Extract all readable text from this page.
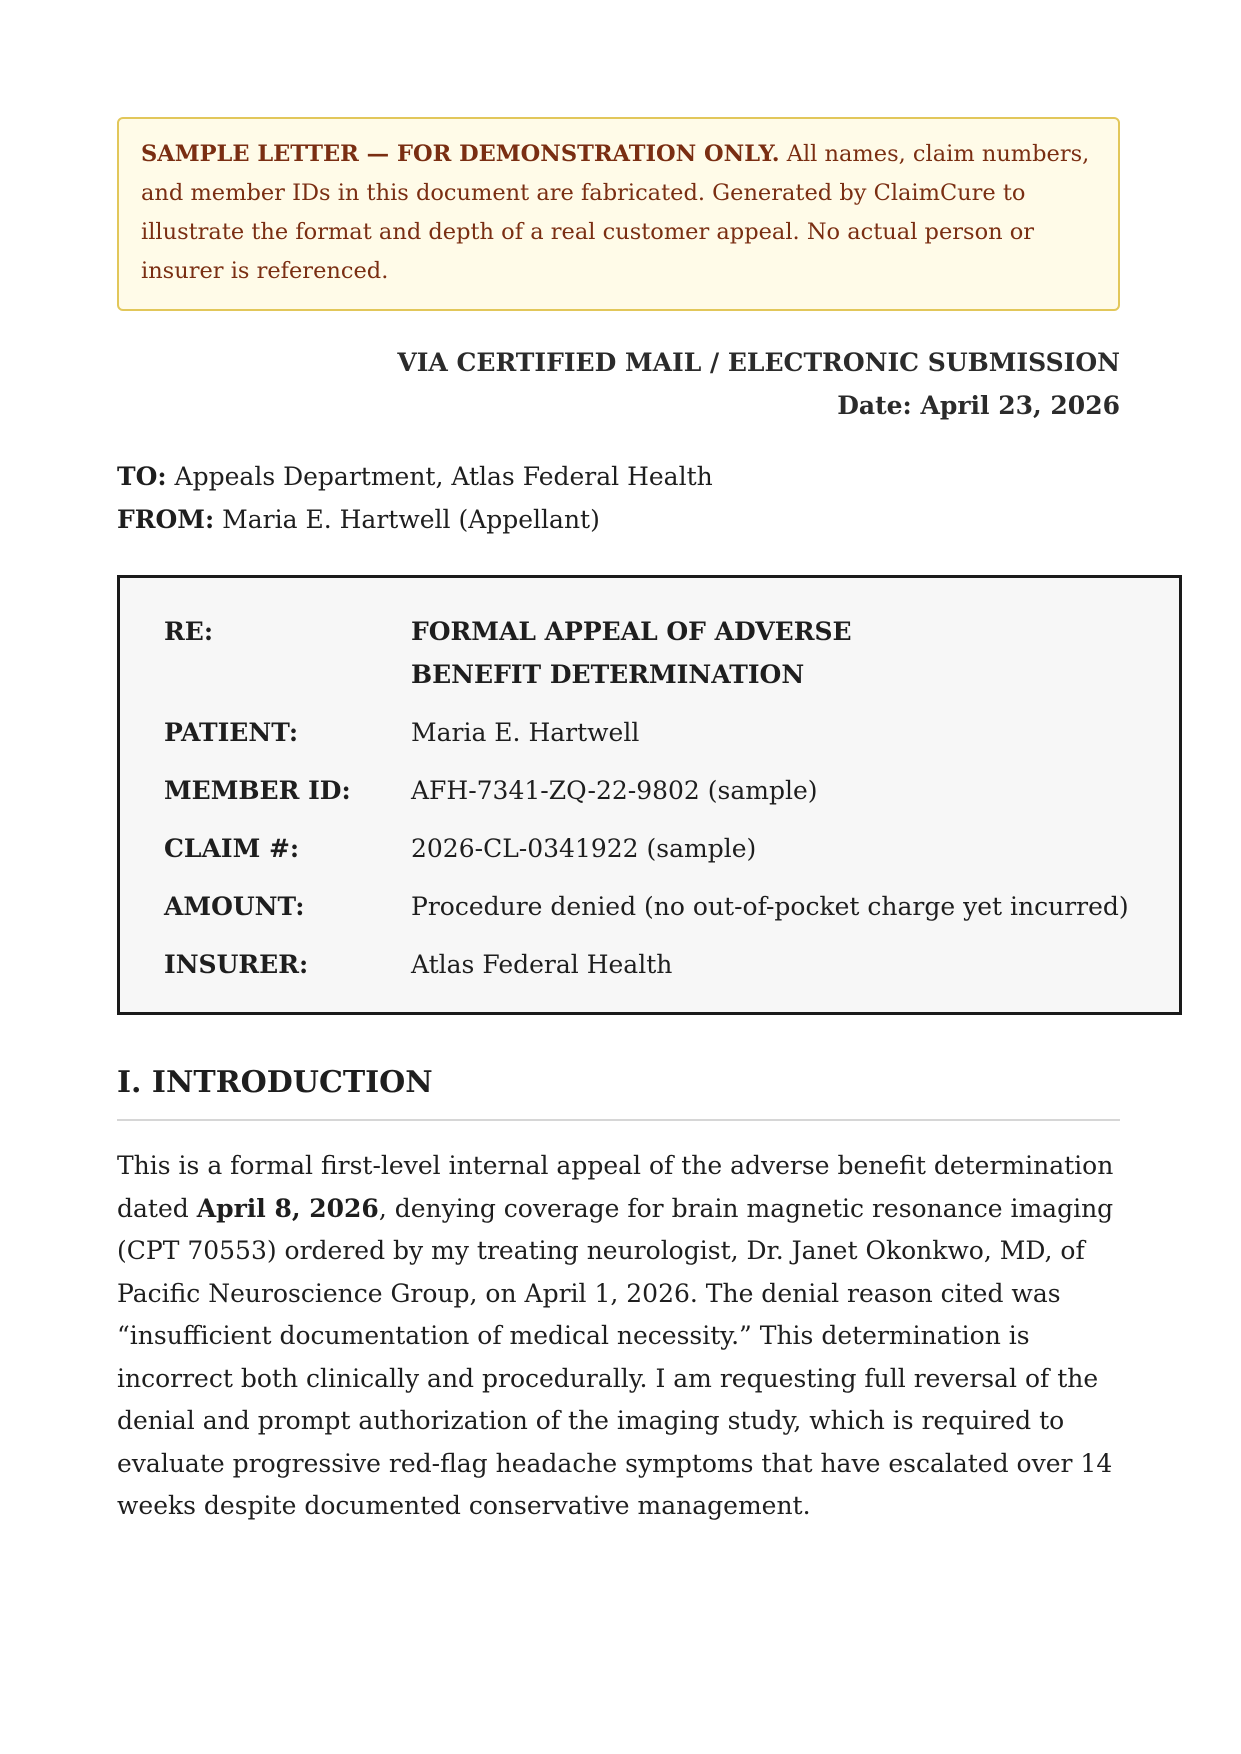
SAMPLE LETTER — FOR DEMONSTRATION ONLY. All names, claim numbers, and member IDs in this document are fabricated. Generated by ClaimCure to illustrate the format and depth of a real customer appeal. No actual person or insurer is referenced.
VIA CERTIFIED MAIL / ELECTRONIC SUBMISSION
Date: April 23, 2026
TO: Appeals Department, Atlas Federal Health
FROM: Maria E. Hartwell (Appellant)
RE:	FORMAL APPEAL OF ADVERSE BENEFIT DETERMINATION
PATIENT:	Maria E. Hartwell
MEMBER ID:	AFH-7341-ZQ-22-9802 (sample)
CLAIM #:	2026-CL-0341922 (sample)
AMOUNT:	Procedure denied (no out-of-pocket charge yet incurred)
INSURER:	Atlas Federal Health
I. INTRODUCTION

This is a formal first-level internal appeal of the adverse benefit determination dated April 8, 2026, denying coverage for brain magnetic resonance imaging (CPT 70553) ordered by my treating neurologist, Dr. Janet Okonkwo, MD, of Pacific Neuroscience Group, on April 1, 2026. The denial reason cited was “insufficient documentation of medical necessity.” This determination is incorrect both clinically and procedurally. I am requesting full reversal of the denial and prompt authorization of the imaging study, which is required to evaluate progressive red-flag headache symptoms that have escalated over 14 weeks despite documented conservative management.
